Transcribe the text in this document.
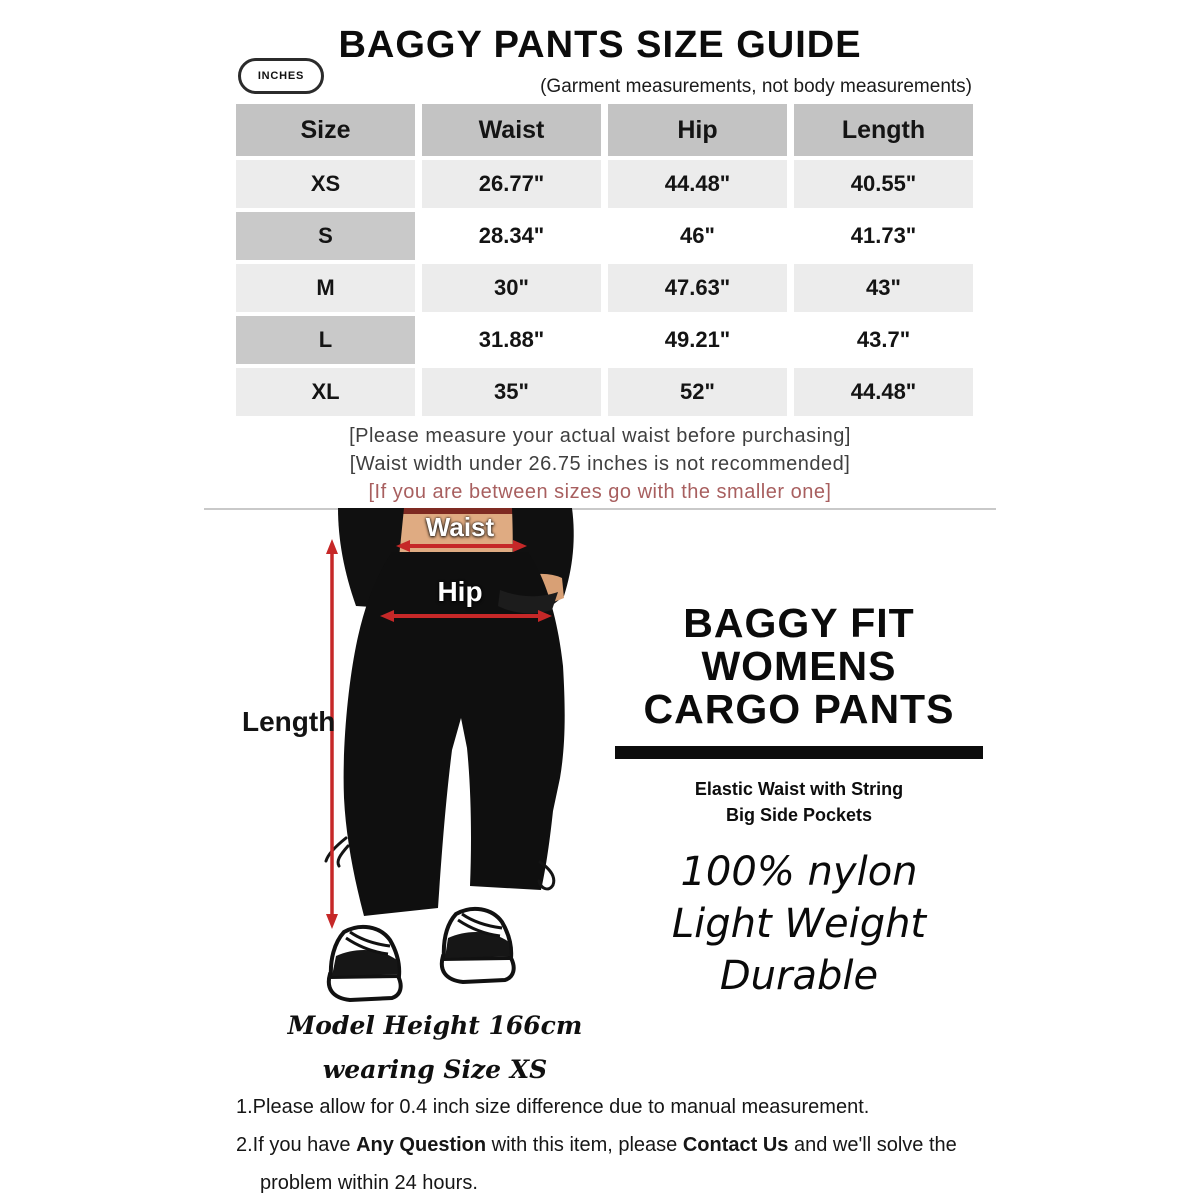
BAGGY PANTS SIZE GUIDE
INCHES	(Garment measurements, not body measurements)
Size	Waist	Hip	Length
XS	26.77"	44.48"	40.55"
S	28.34"	46"	41.73"
M	30"	47.63"	43"
L	31.88"	49.21"	43.7"
XL	35"	52"	44.48"
[Please measure your actual waist before purchasing]
[Waist width under 26.75 inches is not recommended]
[If you are between sizes go with the smaller one]
Waist
Hip
Length
Model Height 166cm
wearing Size XS
BAGGY FIT
WOMENS
CARGO PANTS
Elastic Waist with String
Big Side Pockets
100% nylon
Light Weight
Durable
1.Please allow for 0.4 inch size difference due to manual measurement.
2.If you have Any Question with this item, please Contact Us and we'll solve the
problem within 24 hours.
